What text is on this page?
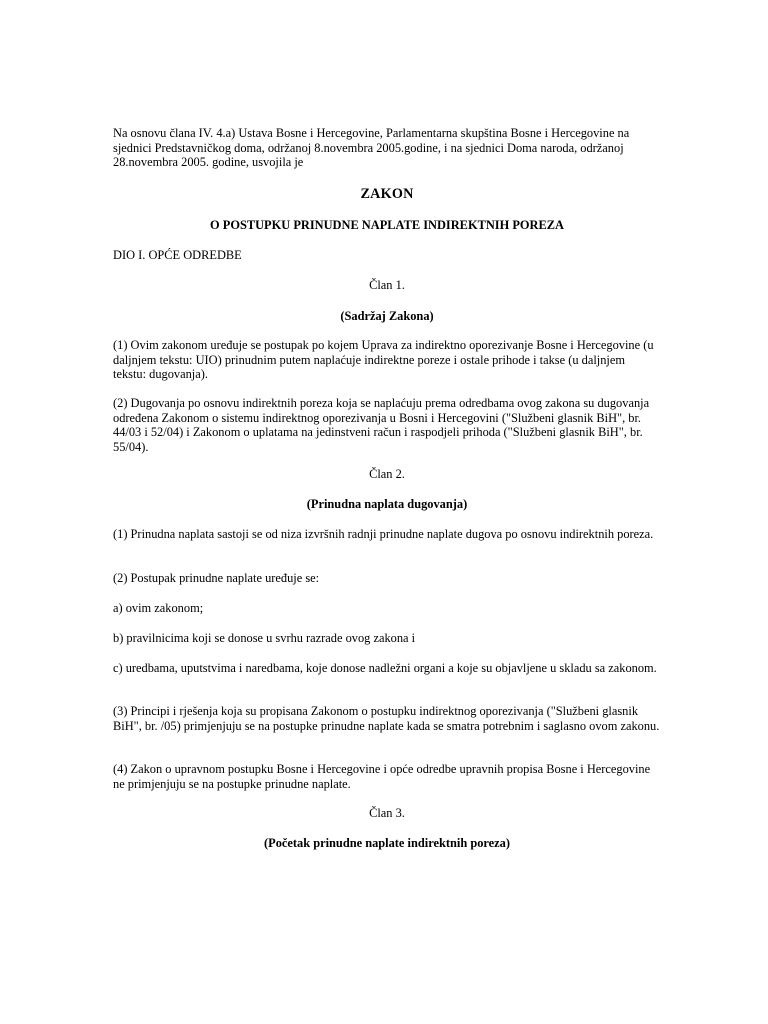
Na osnovu člana IV. 4.a) Ustava Bosne i Hercegovine, Parlamentarna skupština Bosne i Hercegovine na sjednici Predstavničkog doma, održanoj 8.novembra 2005.godine, i na sjednici Doma naroda, održanoj 28.novembra 2005. godine, usvojila je

ZAKON

O POSTUPKU PRINUDNE NAPLATE INDIREKTNIH POREZA

DIO I. OPĆE ODREDBE

Član 1.

(Sadržaj Zakona)

(1) Ovim zakonom uređuje se postupak po kojem Uprava za indirektno oporezivanje Bosne i Hercegovine (u daljnjem tekstu: UIO) prinudnim putem naplaćuje indirektne poreze i ostale prihode i takse (u daljnjem tekstu: dugovanja).

(2) Dugovanja po osnovu indirektnih poreza koja se naplaćuju prema odredbama ovog zakona su dugovanja određena Zakonom o sistemu indirektnog oporezivanja u Bosni i Hercegovini ("Službeni glasnik BiH", br. 44/03 i 52/04) i Zakonom o uplatama na jedinstveni račun i raspodjeli prihoda ("Službeni glasnik BiH", br. 55/04).

Član 2.

(Prinudna naplata dugovanja)

(1) Prinudna naplata sastoji se od niza izvršnih radnji prinudne naplate dugova po osnovu indirektnih poreza.

(2) Postupak prinudne naplate uređuje se:

a) ovim zakonom;

b) pravilnicima koji se donose u svrhu razrade ovog zakona i

c) uredbama, uputstvima i naredbama, koje donose nadležni organi a koje su objavljene u skladu sa zakonom.

(3) Principi i rješenja koja su propisana Zakonom o postupku indirektnog oporezivanja ("Službeni glasnik BiH", br. /05) primjenjuju se na postupke prinudne naplate kada se smatra potrebnim i saglasno ovom zakonu.

(4) Zakon o upravnom postupku Bosne i Hercegovine i opće odredbe upravnih propisa Bosne i Hercegovine ne primjenjuju se na postupke prinudne naplate.

Član 3.

(Početak prinudne naplate indirektnih poreza)
